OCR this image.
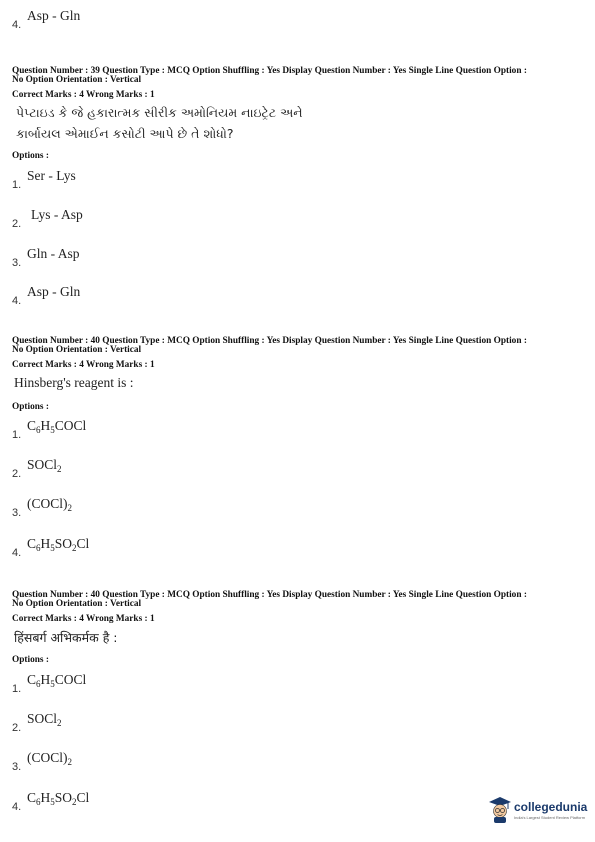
4.
Asp - Gln
Question Number : 39 Question Type : MCQ Option Shuffling : Yes Display Question Number : Yes Single Line Question Option :
No Option Orientation : Vertical
Correct Marks : 4 Wrong Marks : 1
પેપ્ટાઇડ કે જે હકારાત્મક સીરીક અમોનિયમ નાઇટ્રેટ અને
કાર્બાયલ એમાઈન કસોટી આપે છે તે શોધો?
Options :
1.
Ser - Lys
2.
Lys - Asp
3.
Gln - Asp
4.
Asp - Gln
Question Number : 40 Question Type : MCQ Option Shuffling : Yes Display Question Number : Yes Single Line Question Option :
No Option Orientation : Vertical
Correct Marks : 4 Wrong Marks : 1
Hinsberg's reagent is :
Options :
1.
$C_6H_5COCl$
2.
SOCl$_2$
3.
$(COCl)_2$
4.
$C_6H_5SO_2Cl$
Question Number : 40 Question Type : MCQ Option Shuffling : Yes Display Question Number : Yes Single Line Question Option :
No Option Orientation : Vertical
Correct Marks : 4 Wrong Marks : 1
हिंसबर्ग अभिकर्मक है :
Options :
1.
$C_6H_5COCl$
2.
SOCl$_2$
3.
$(COCl)_2$
4.
$C_6H_5SO_2Cl$
collegedunia
India's Largest Student Review Platform
